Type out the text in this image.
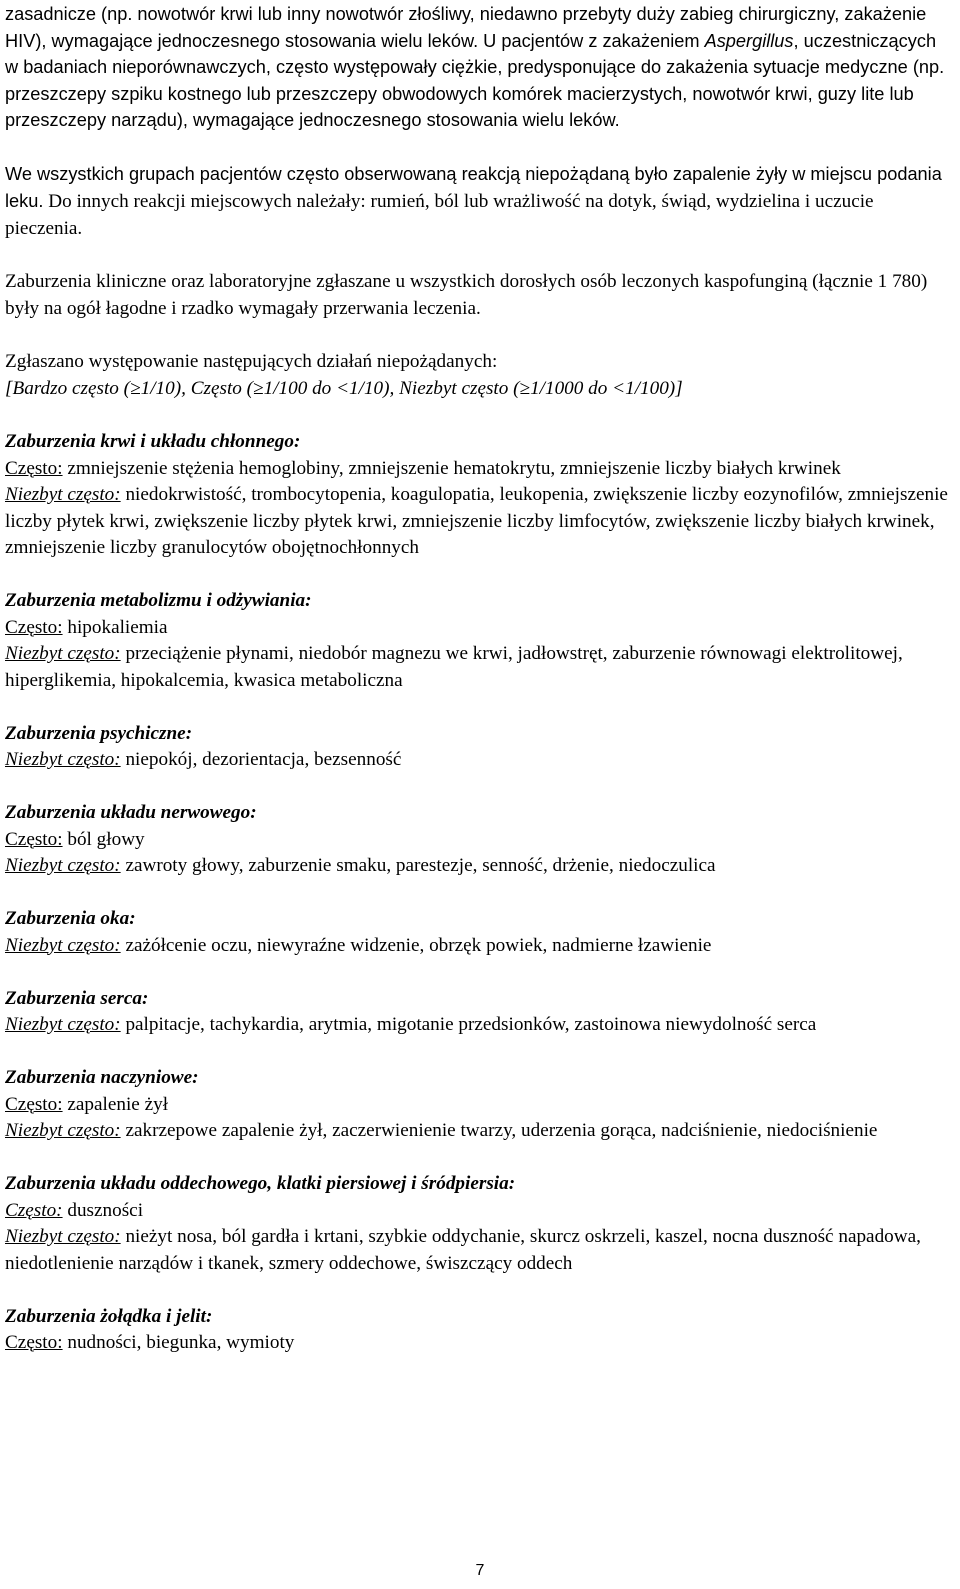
zasadnicze (np. nowotwór krwi lub inny nowotwór złośliwy, niedawno przebyty duży zabieg chirurgiczny, zakażenie HIV), wymagające jednoczesnego stosowania wielu leków. U pacjentów z zakażeniem Aspergillus, uczestniczących w badaniach nieporównawczych, często występowały ciężkie, predysponujące do zakażenia sytuacje medyczne (np. przeszczepy szpiku kostnego lub przeszczepy obwodowych komórek macierzystych, nowotwór krwi, guzy lite lub przeszczepy narządu), wymagające jednoczesnego stosowania wielu leków.

We wszystkich grupach pacjentów często obserwowaną reakcją niepożądaną było zapalenie żyły w miejscu podania leku. Do innych reakcji miejscowych należały: rumień, ból lub wrażliwość na dotyk, świąd, wydzielina i uczucie pieczenia.

Zaburzenia kliniczne oraz laboratoryjne zgłaszane u wszystkich dorosłych osób leczonych kaspofunginą (łącznie 1 780) były na ogół łagodne i rzadko wymagały przerwania leczenia.

Zgłaszano występowanie następujących działań niepożądanych:

[Bardzo często (≥1/10), Często (≥1/100 do <1/10), Niezbyt często (≥1/1000 do <1/100)]

Zaburzenia krwi i układu chłonnego:

Często: zmniejszenie stężenia hemoglobiny, zmniejszenie hematokrytu, zmniejszenie liczby białych krwinek

Niezbyt często: niedokrwistość, trombocytopenia, koagulopatia, leukopenia, zwiększenie liczby eozynofilów, zmniejszenie liczby płytek krwi, zwiększenie liczby płytek krwi, zmniejszenie liczby limfocytów, zwiększenie liczby białych krwinek, zmniejszenie liczby granulocytów obojętnochłonnych

Zaburzenia metabolizmu i odżywiania:

Często: hipokaliemia

Niezbyt często: przeciążenie płynami, niedobór magnezu we krwi, jadłowstręt, zaburzenie równowagi elektrolitowej, hiperglikemia, hipokalcemia, kwasica metaboliczna

Zaburzenia psychiczne:

Niezbyt często: niepokój, dezorientacja, bezsenność

Zaburzenia układu nerwowego:

Często: ból głowy

Niezbyt często: zawroty głowy, zaburzenie smaku, parestezje, senność, drżenie, niedoczulica

Zaburzenia oka:

Niezbyt często: zażółcenie oczu, niewyraźne widzenie, obrzęk powiek, nadmierne łzawienie

Zaburzenia serca:

Niezbyt często: palpitacje, tachykardia, arytmia, migotanie przedsionków, zastoinowa niewydolność serca

Zaburzenia naczyniowe:

Często: zapalenie żył

Niezbyt często: zakrzepowe zapalenie żył, zaczerwienienie twarzy, uderzenia gorąca, nadciśnienie, niedociśnienie

Zaburzenia układu oddechowego, klatki piersiowej i śródpiersia:

Często: duszności

Niezbyt często: nieżyt nosa, ból gardła i krtani, szybkie oddychanie, skurcz oskrzeli, kaszel, nocna duszność napadowa, niedotlenienie narządów i tkanek, szmery oddechowe, świszczący oddech

Zaburzenia żołądka i jelit:

Często: nudności, biegunka, wymioty

7
